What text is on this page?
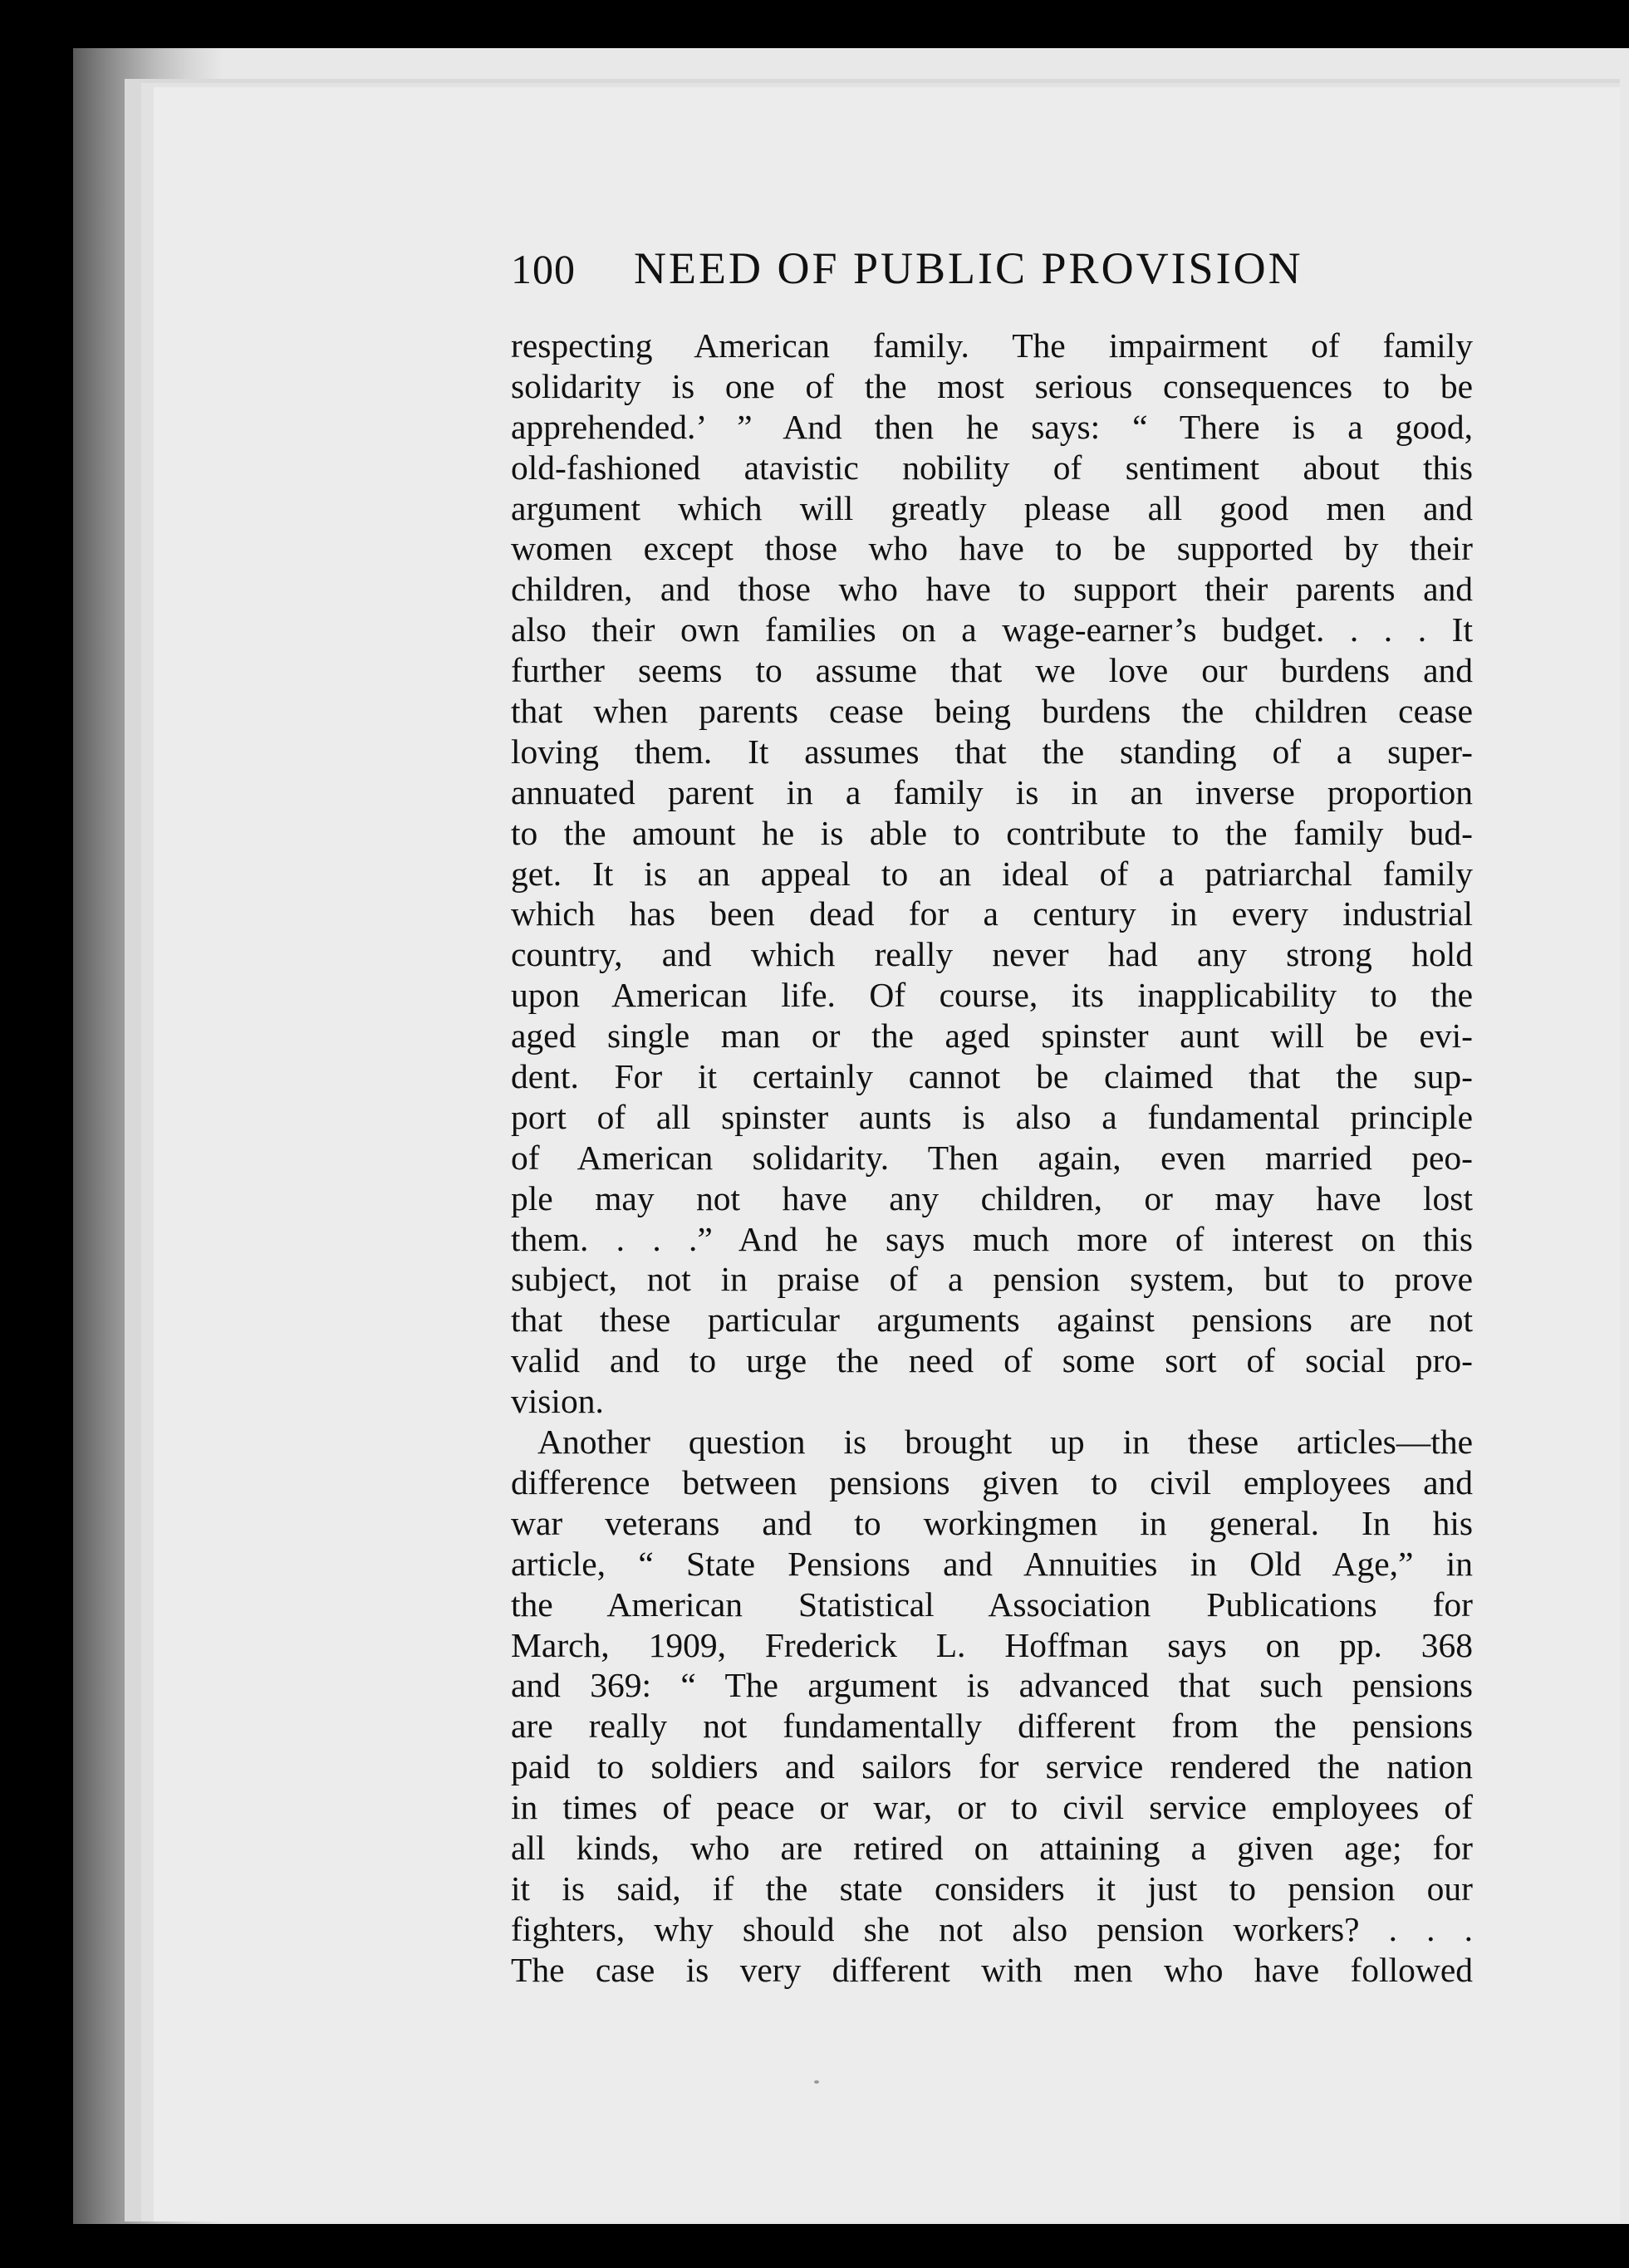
100	NEED OF PUBLIC PROVISION
respecting American family. The impairment of family
solidarity is one of the most serious consequences to be
apprehended.’ ” And then he says: “ There is a good,
old-fashioned atavistic nobility of sentiment about this
argument which will greatly please all good men and
women except those who have to be supported by their
children, and those who have to support their parents and
also their own families on a wage-earner’s budget. . . . It
further seems to assume that we love our burdens and
that when parents cease being burdens the children cease
loving them. It assumes that the standing of a super-
annuated parent in a family is in an inverse proportion
to the amount he is able to contribute to the family bud-
get. It is an appeal to an ideal of a patriarchal family
which has been dead for a century in every industrial
country, and which really never had any strong hold
upon American life. Of course, its inapplicability to the
aged single man or the aged spinster aunt will be evi-
dent. For it certainly cannot be claimed that the sup-
port of all spinster aunts is also a fundamental principle
of American solidarity. Then again, even married peo-
ple may not have any children, or may have lost
them. . . .” And he says much more of interest on this
subject, not in praise of a pension system, but to prove
that these particular arguments against pensions are not
valid and to urge the need of some sort of social pro-
vision.
Another question is brought up in these articles—the
difference between pensions given to civil employees and
war veterans and to workingmen in general. In his
article, “ State Pensions and Annuities in Old Age,” in
the American Statistical Association Publications for
March, 1909, Frederick L. Hoffman says on pp. 368
and 369: “ The argument is advanced that such pensions
are really not fundamentally different from the pensions
paid to soldiers and sailors for service rendered the nation
in times of peace or war, or to civil service employees of
all kinds, who are retired on attaining a given age; for
it is said, if the state considers it just to pension our
fighters, why should she not also pension workers? . . .
The case is very different with men who have followed
